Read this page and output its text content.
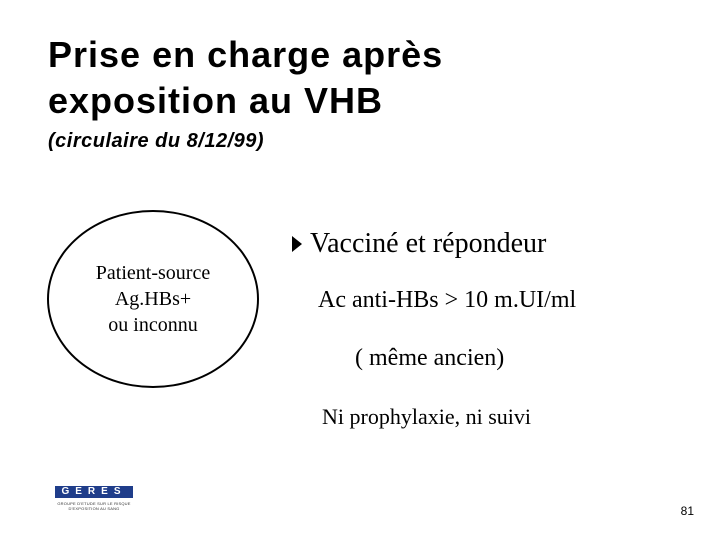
Prise en charge après
exposition au VHB
(circulaire du 8/12/99)
Patient-source
Ag.HBs+
ou inconnu
Vacciné et répondeur
Ac anti-HBs > 10 m.UI/ml
( même ancien)
Ni prophylaxie, ni suivi
GERES
GROUPE D'ETUDE SUR LE RISQUE
D'EXPOSITION AU SANG	81
